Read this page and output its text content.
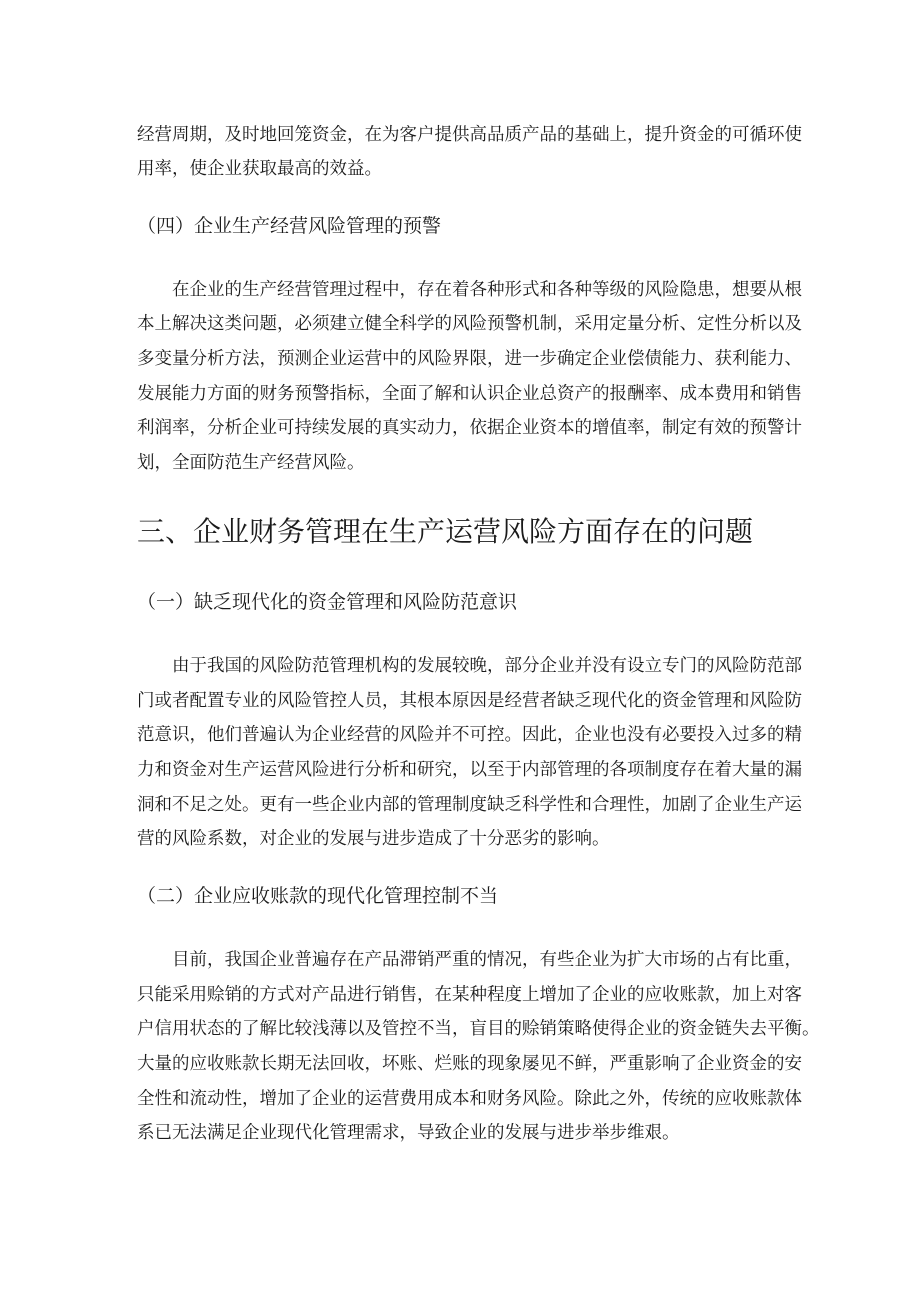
经营周期，及时地回笼资金，在为客户提供高品质产品的基础上，提升资金的可循环使
用率，使企业获取最高的效益。
（四）企业生产经营风险管理的预警
　　在企业的生产经营管理过程中，存在着各种形式和各种等级的风险隐患，想要从根
本上解决这类问题，必须建立健全科学的风险预警机制，采用定量分析、定性分析以及
多变量分析方法，预测企业运营中的风险界限，进一步确定企业偿债能力、获利能力、
发展能力方面的财务预警指标，全面了解和认识企业总资产的报酬率、成本费用和销售
利润率，分析企业可持续发展的真实动力，依据企业资本的增值率，制定有效的预警计
划，全面防范生产经营风险。
三、企业财务管理在生产运营风险方面存在的问题
（一）缺乏现代化的资金管理和风险防范意识
　　由于我国的风险防范管理机构的发展较晚，部分企业并没有设立专门的风险防范部
门或者配置专业的风险管控人员，其根本原因是经营者缺乏现代化的资金管理和风险防
范意识，他们普遍认为企业经营的风险并不可控。因此，企业也没有必要投入过多的精
力和资金对生产运营风险进行分析和研究，以至于内部管理的各项制度存在着大量的漏
洞和不足之处。更有一些企业内部的管理制度缺乏科学性和合理性，加剧了企业生产运
营的风险系数，对企业的发展与进步造成了十分恶劣的影响。
（二）企业应收账款的现代化管理控制不当
　　目前，我国企业普遍存在产品滞销严重的情况，有些企业为扩大市场的占有比重，
只能采用赊销的方式对产品进行销售，在某种程度上增加了企业的应收账款，加上对客
户信用状态的了解比较浅薄以及管控不当，盲目的赊销策略使得企业的资金链失去平衡。
大量的应收账款长期无法回收，坏账、烂账的现象屡见不鲜，严重影响了企业资金的安
全性和流动性，增加了企业的运营费用成本和财务风险。除此之外，传统的应收账款体
系已无法满足企业现代化管理需求，导致企业的发展与进步举步维艰。
